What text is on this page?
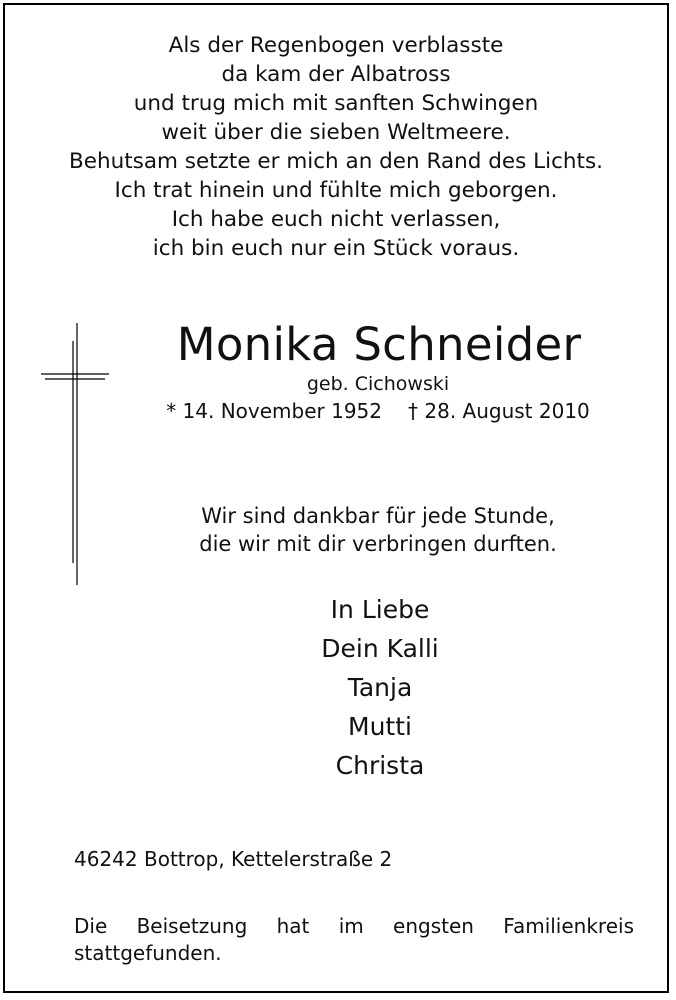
Als der Regenbogen verblasste
da kam der Albatross
und trug mich mit sanften Schwingen
weit über die sieben Weltmeere.
Behutsam setzte er mich an den Rand des Lichts.
Ich trat hinein und fühlte mich geborgen.
Ich habe euch nicht verlassen,
ich bin euch nur ein Stück voraus.
Monika Schneider
geb. Cichowski
* 14. November 1952 † 28. August 2010
Wir sind dankbar für jede Stunde,
die wir mit dir verbringen durften.
In Liebe
Dein Kalli
Tanja
Mutti
Christa
46242 Bottrop, Kettelerstraße 2
Die Beisetzung hat im engsten Familienkreis
stattgefunden.
